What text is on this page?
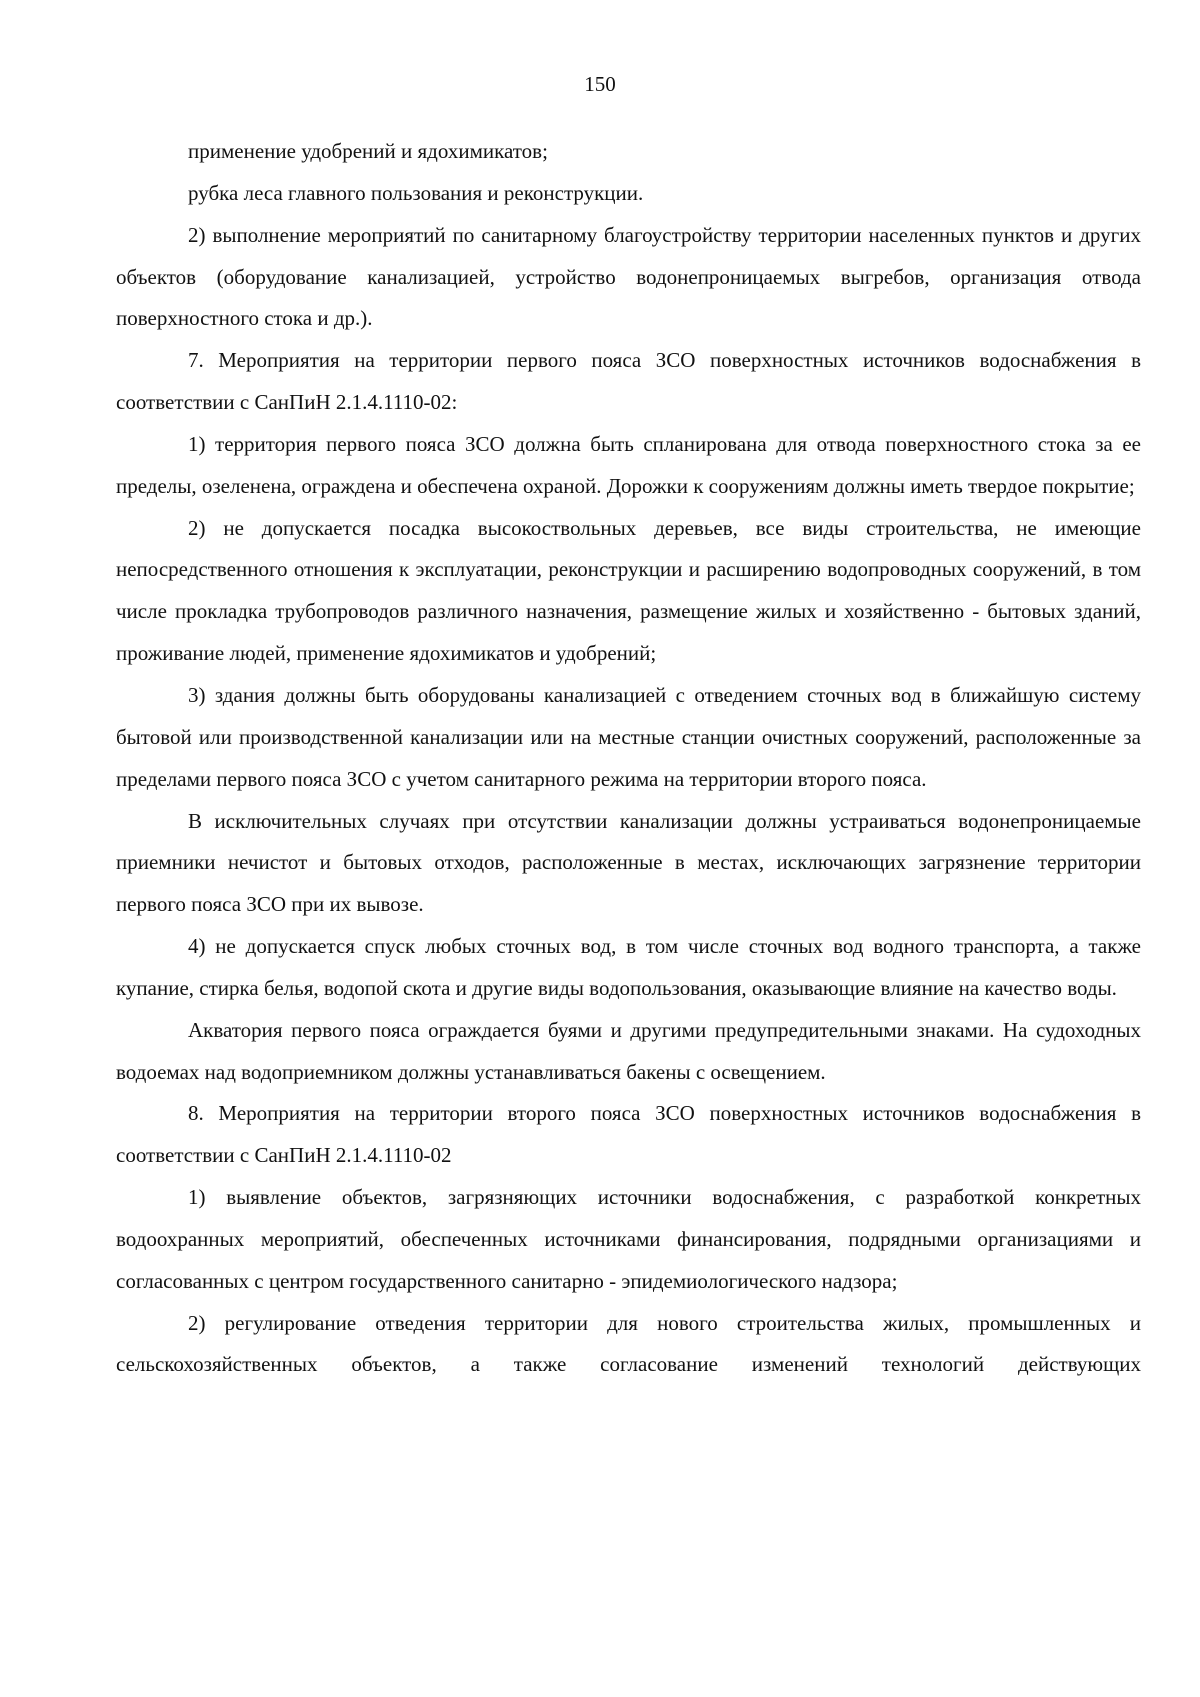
150

применение удобрений и ядохимикатов;

рубка леса главного пользования и реконструкции.

2) выполнение мероприятий по санитарному благоустройству территории населенных пунктов и других объектов (оборудование канализацией, устройство водонепроницаемых выгребов, организация отвода поверхностного стока и др.).

7. Мероприятия на территории первого пояса ЗСО поверхностных источников водоснабжения в соответствии с СанПиН 2.1.4.1110-02:

1) территория первого пояса ЗСО должна быть спланирована для отвода поверхностного стока за ее пределы, озеленена, ограждена и обеспечена охраной. Дорожки к сооружениям должны иметь твердое покрытие;

2) не допускается посадка высокоствольных деревьев, все виды строительства, не имеющие непосредственного отношения к эксплуатации, реконструкции и расширению водопроводных сооружений, в том числе прокладка трубопроводов различного назначения, размещение жилых и хозяйственно - бытовых зданий, проживание людей, применение ядохимикатов и удобрений;

3) здания должны быть оборудованы канализацией с отведением сточных вод в ближайшую систему бытовой или производственной канализации или на местные станции очистных сооружений, расположенные за пределами первого пояса ЗСО с учетом санитарного режима на территории второго пояса.

В исключительных случаях при отсутствии канализации должны устраиваться водонепроницаемые приемники нечистот и бытовых отходов, расположенные в местах, исключающих загрязнение территории первого пояса ЗСО при их вывозе.

4) не допускается спуск любых сточных вод, в том числе сточных вод водного транспорта, а также купание, стирка белья, водопой скота и другие виды водопользования, оказывающие влияние на качество воды.

Акватория первого пояса ограждается буями и другими предупредительными знаками. На судоходных водоемах над водоприемником должны устанавливаться бакены с освещением.

8. Мероприятия на территории второго пояса ЗСО поверхностных источников водоснабжения в соответствии с СанПиН 2.1.4.1110-02

1) выявление объектов, загрязняющих источники водоснабжения, с разработкой конкретных водоохранных мероприятий, обеспеченных источниками финансирования, подрядными организациями и согласованных с центром государственного санитарно - эпидемиологического надзора;

2) регулирование отведения территории для нового строительства жилых, промышленных и сельскохозяйственных объектов, а также согласование изменений технологий действующих
